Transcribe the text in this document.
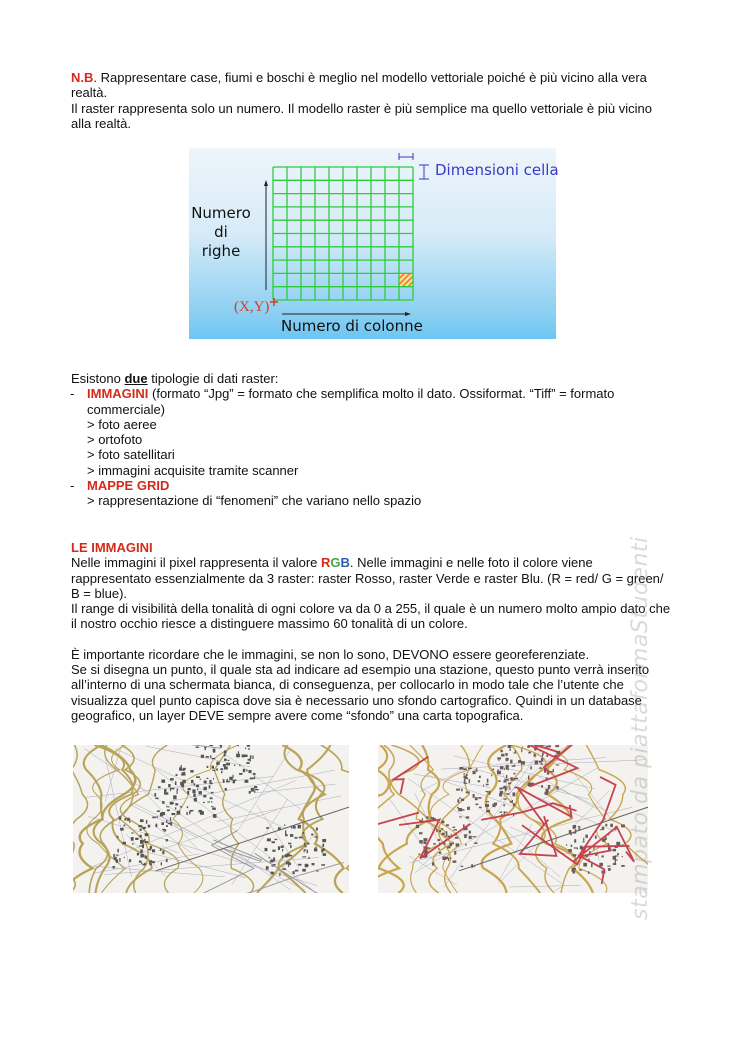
N.B. Rappresentare case, fiumi e boschi è meglio nel modello vettoriale poiché è più vicino alla vera realtà.
Il raster rappresenta solo un numero. Il modello raster è più semplice ma quello vettoriale è più vicino alla realtà.

Numero
di
righe
Numero di colonne
(X,Y)
Dimensioni cella
Esistono due tipologie di dati raster:
- IMMAGINI (formato “Jpg” = formato che semplifica molto il dato. Ossiformat. “Tiff” = formato commerciale)
> foto aeree
> ortofoto
> foto satellitari
> immagini acquisite tramite scanner
- MAPPE GRID
> rappresentazione di “fenomeni” che variano nello spazio
LE IMMAGINI
Nelle immagini il pixel rappresenta il valore RGB. Nelle immagini e nelle foto il colore viene rappresentato essenzialmente da 3 raster: raster Rosso, raster Verde e raster Blu. (R = red/ G = green/ B = blue).
Il range di visibilità della tonalità di ogni colore va da 0 a 255, il quale è un numero molto ampio dato che il nostro occhio riesce a distinguere massimo 60 tonalità di un colore.
È importante ricordare che le immagini, se non lo sono, DEVONO essere georeferenziate.
Se si disegna un punto, il quale sta ad indicare ad esempio una stazione, questo punto verrà inserito all’interno di una schermata bianca, di conseguenza, per collocarlo in modo tale che l’utente che visualizza quel punto capisca dove sia è necessario uno sfondo cartografico. Quindi in un database geografico, un layer DEVE sempre avere come “sfondo” una carta topografica.	stampato da piattaformaStudenti
